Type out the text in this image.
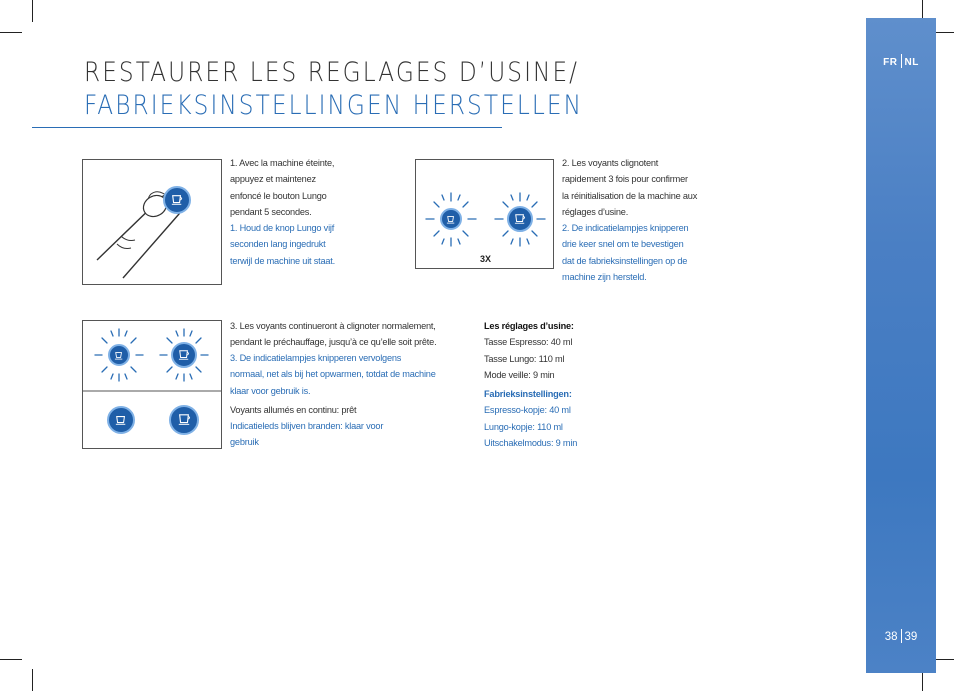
RESTAURER LES REGLAGES D’USINE/
FABRIEKSINSTELLINGEN HERSTELLEN
FR NL
38 39

1. Avec la machine éteinte,

appuyez et maintenez

enfoncé le bouton Lungo

pendant 5 secondes.

1. Houd de knop Lungo vijf

seconden lang ingedrukt

terwijl de machine uit staat.	3X

2. Les voyants clignotent

rapidement 3 fois pour confirmer

la réinitialisation de la machine aux

réglages d’usine.

2. De indicatielampjes knipperen

drie keer snel om te bevestigen

dat de fabrieksinstellingen op de

machine zijn hersteld.

3. Les voyants continueront à clignoter normalement,

pendant le préchauffage, jusqu’à ce qu’elle soit prête.

3. De indicatielampjes knipperen vervolgens

normaal, net als bij het opwarmen, totdat de machine

klaar voor gebruik is.

Voyants allumés en continu: prêt

Indicatieleds blijven branden: klaar voor

gebruik

Les réglages d’usine:

Tasse Espresso: 40 ml

Tasse Lungo: 110 ml

Mode veille: 9 min

Fabrieksinstellingen:

Espresso-kopje: 40 ml

Lungo-kopje: 110 ml

Uitschakelmodus: 9 min
